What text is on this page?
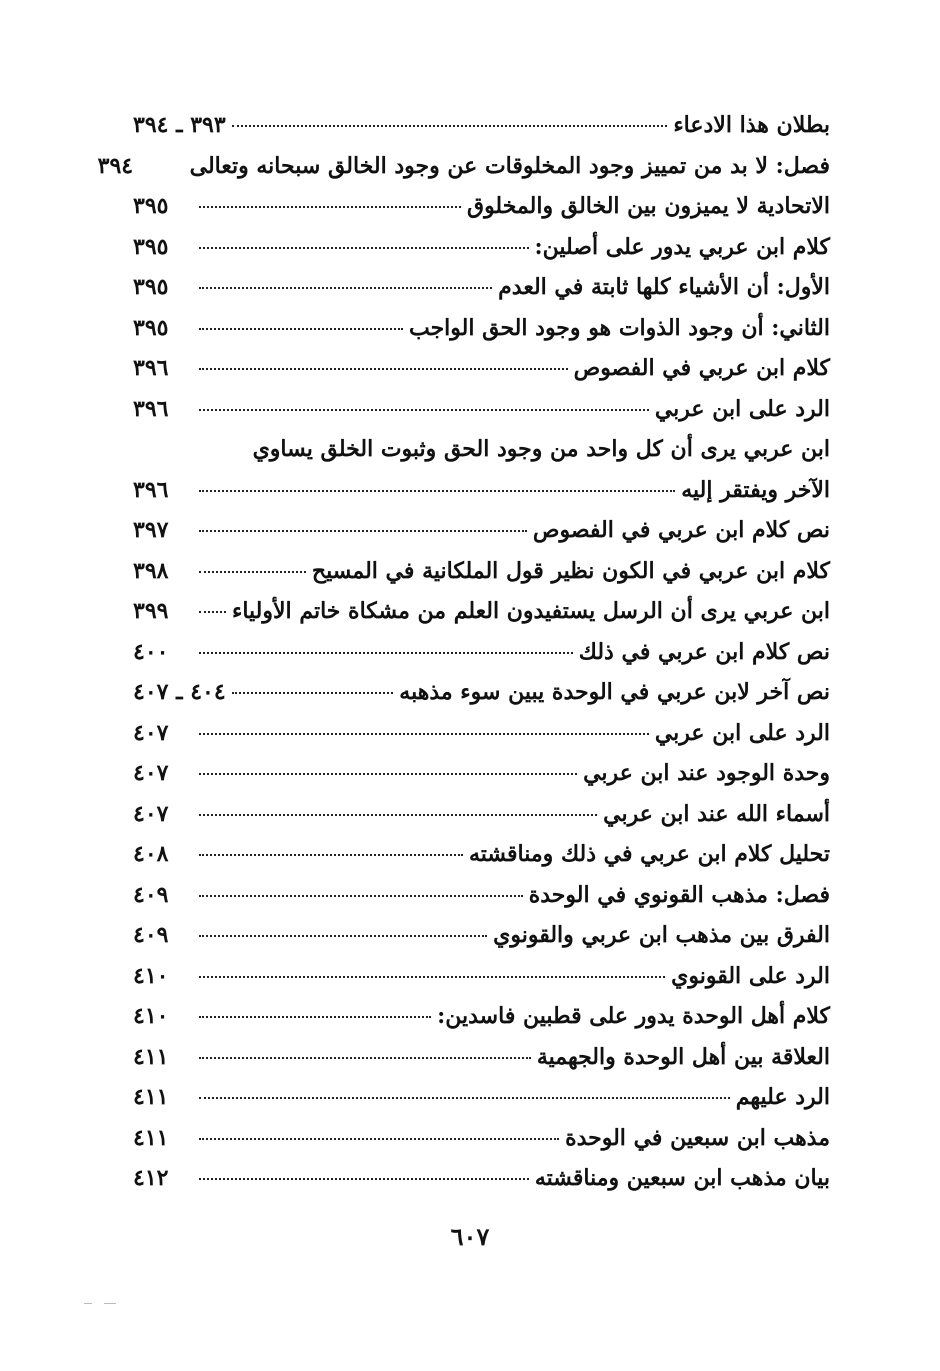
بطلان هذا الادعاء
٣٩٣ ـ ٣٩٤
فصل: لا بد من تمييز وجود المخلوقات عن وجود الخالق سبحانه وتعالى
٣٩٤
الاتحادية لا يميزون بين الخالق والمخلوق
٣٩٥
كلام ابن عربي يدور على أصلين:
٣٩٥
الأول: أن الأشياء كلها ثابتة في العدم
٣٩٥
الثاني: أن وجود الذوات هو وجود الحق الواجب
٣٩٥
كلام ابن عربي في الفصوص
٣٩٦
الرد على ابن عربي
٣٩٦
ابن عربي يرى أن كل واحد من وجود الحق وثبوت الخلق يساوي
الآخر ويفتقر إليه
٣٩٦
نص كلام ابن عربي في الفصوص
٣٩٧
كلام ابن عربي في الكون نظير قول الملكانية في المسيح
٣٩٨
ابن عربي يرى أن الرسل يستفيدون العلم من مشكاة خاتم الأولياء
٣٩٩
نص كلام ابن عربي في ذلك
٤٠٠
نص آخر لابن عربي في الوحدة يبين سوء مذهبه
٤٠٤ ـ ٤٠٧
الرد على ابن عربي
٤٠٧
وحدة الوجود عند ابن عربي
٤٠٧
أسماء الله عند ابن عربي
٤٠٧
تحليل كلام ابن عربي في ذلك ومناقشته
٤٠٨
فصل: مذهب القونوي في الوحدة
٤٠٩
الفرق بين مذهب ابن عربي والقونوي
٤٠٩
الرد على القونوي
٤١٠
كلام أهل الوحدة يدور على قطبين فاسدين:
٤١٠
العلاقة بين أهل الوحدة والجهمية
٤١١
الرد عليهم
٤١١
مذهب ابن سبعين في الوحدة
٤١١
بيان مذهب ابن سبعين ومناقشته
٤١٢
٦٠٧
